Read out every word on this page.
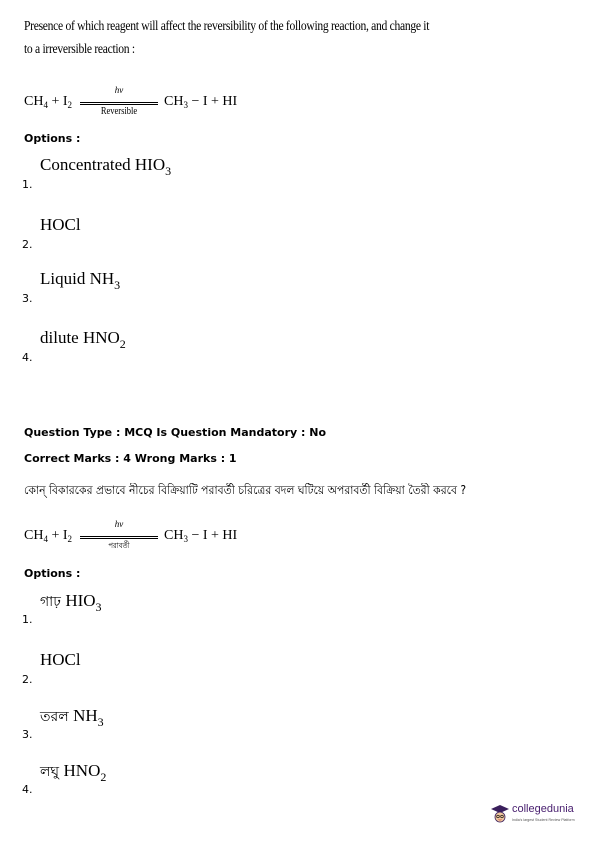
Presence of which reagent will affect the reversibility of the following reaction, and change it
to a irreversible reaction :
$CH_4 + I_2$
hν
Reversible
$CH_3 - I$ + HI
Options :
1.
Concentrated $HIO_3$
2.
HOCl
3.
Liquid $NH_3$
4.
dilute $HNO_2$
Question Type : MCQ Is Question Mandatory : No
Correct Marks : 4 Wrong Marks : 1
কোন্ বিকারকের প্রভাবে নীচের বিক্রিয়াটি পরাবর্তী চরিত্রের বদল ঘটিয়ে অপরাবর্তী বিক্রিয়া তৈরী করবে ?
$CH_4 + I_2$
hν
পরাবর্তী
$CH_3 - I$ + HI
Options :
1.
গাঢ় $HIO_3$
2.
HOCl
3.
তরল $NH_3$
4.
লঘু $HNO_2$
collegedunia
India's largest Student Review Platform
